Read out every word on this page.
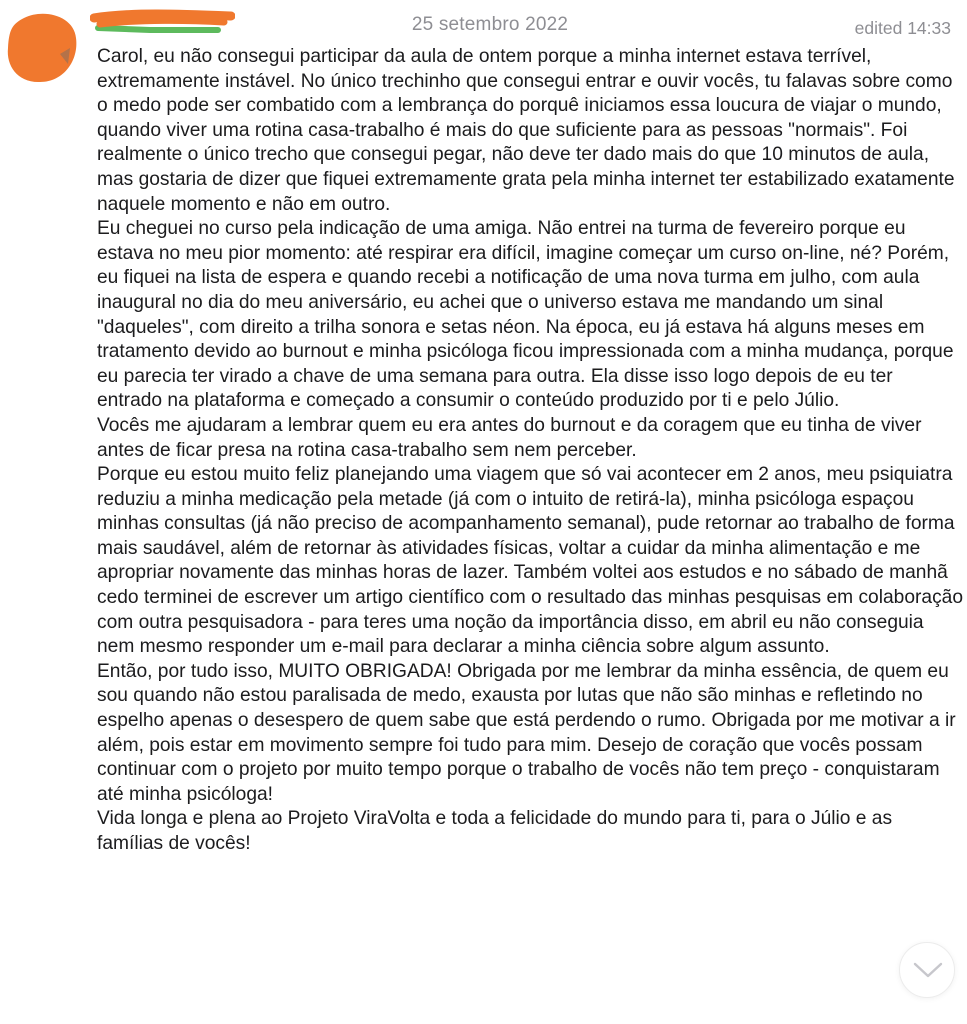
25 setembro 2022	edited 14:33

Carol, eu não consegui participar da aula de ontem porque a minha internet estava terrível, extremamente instável. No único trechinho que consegui entrar e ouvir vocês, tu falavas sobre como o medo pode ser combatido com a lembrança do porquê iniciamos essa loucura de viajar o mundo, quando viver uma rotina casa-trabalho é mais do que suficiente para as pessoas "normais". Foi realmente o único trecho que consegui pegar, não deve ter dado mais do que 10 minutos de aula, mas gostaria de dizer que fiquei extremamente grata pela minha internet ter estabilizado exatamente naquele momento e não em outro.

Eu cheguei no curso pela indicação de uma amiga. Não entrei na turma de fevereiro porque eu estava no meu pior momento: até respirar era difícil, imagine começar um curso on-line, né? Porém, eu fiquei na lista de espera e quando recebi a notificação de uma nova turma em julho, com aula inaugural no dia do meu aniversário, eu achei que o universo estava me mandando um sinal "daqueles", com direito a trilha sonora e setas néon. Na época, eu já estava há alguns meses em tratamento devido ao burnout e minha psicóloga ficou impressionada com a minha mudança, porque eu parecia ter virado a chave de uma semana para outra. Ela disse isso logo depois de eu ter entrado na plataforma e começado a consumir o conteúdo produzido por ti e pelo Júlio.

Vocês me ajudaram a lembrar quem eu era antes do burnout e da coragem que eu tinha de viver antes de ficar presa na rotina casa-trabalho sem nem perceber.

Porque eu estou muito feliz planejando uma viagem que só vai acontecer em 2 anos, meu psiquiatra reduziu a minha medicação pela metade (já com o intuito de retirá-la), minha psicóloga espaçou minhas consultas (já não preciso de acompanhamento semanal), pude retornar ao trabalho de forma mais saudável, além de retornar às atividades físicas, voltar a cuidar da minha alimentação e me apropriar novamente das minhas horas de lazer. Também voltei aos estudos e no sábado de manhã cedo terminei de escrever um artigo científico com o resultado das minhas pesquisas em colaboração com outra pesquisadora - para teres uma noção da importância disso, em abril eu não conseguia nem mesmo responder um e-mail para declarar a minha ciência sobre algum assunto.

Então, por tudo isso, MUITO OBRIGADA! Obrigada por me lembrar da minha essência, de quem eu sou quando não estou paralisada de medo, exausta por lutas que não são minhas e refletindo no espelho apenas o desespero de quem sabe que está perdendo o rumo. Obrigada por me motivar a ir além, pois estar em movimento sempre foi tudo para mim. Desejo de coração que vocês possam continuar com o projeto por muito tempo porque o trabalho de vocês não tem preço - conquistaram até minha psicóloga!

Vida longa e plena ao Projeto ViraVolta e toda a felicidade do mundo para ti, para o Júlio e as famílias de vocês!
